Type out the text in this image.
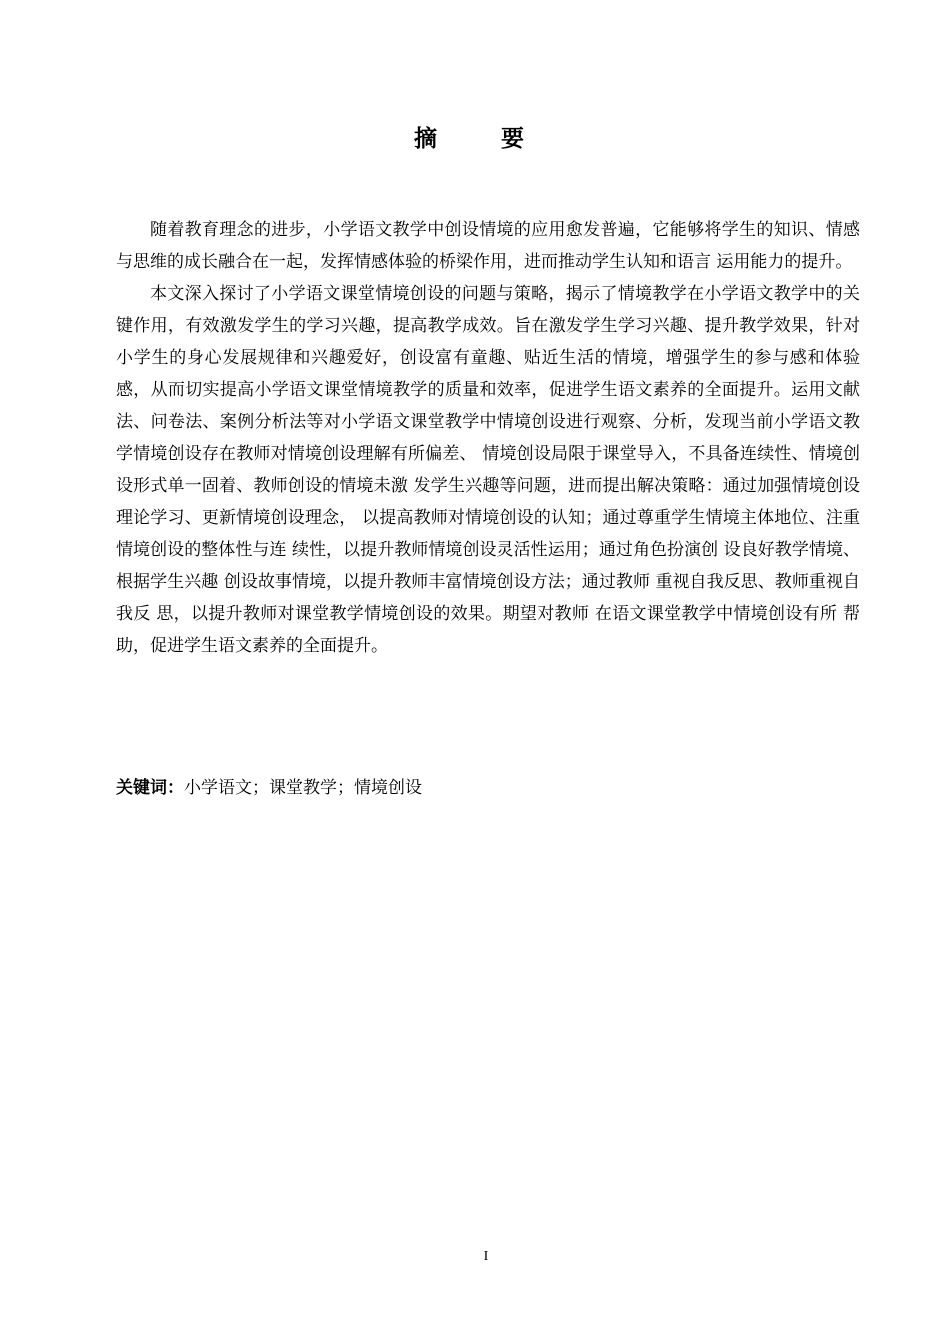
摘 要

随着教育理念的进步，小学语文教学中创设情境的应用愈发普遍，它能够将学生的知识、情感与思维的成长融合在一起，发挥情感体验的桥梁作用，进而推动学生认知和语言 运用能力的提升。

本文深入探讨了小学语文课堂情境创设的问题与策略，揭示了情境教学在小学语文教学中的关键作用，有效激发学生的学习兴趣，提高教学成效。旨在激发学生学习兴趣、提升教学效果，针对小学生的身心发展规律和兴趣爱好，创设富有童趣、贴近生活的情境，增强学生的参与感和体验感，从而切实提高小学语文课堂情境教学的质量和效率，促进学生语文素养的全面提升。运用文献法、问卷法、案例分析法等对小学语文课堂教学中情境创设进行观察、分析，发现当前小学语文教学情境创设存在教师对情境创设理解有所偏差、 情境创设局限于课堂导入，不具备连续性、情境创设形式单一固着、教师创设的情境未激 发学生兴趣等问题，进而提出解决策略：通过加强情境创设理论学习、更新情境创设理念， 以提高教师对情境创设的认知；通过尊重学生情境主体地位、注重情境创设的整体性与连 续性，以提升教师情境创设灵活性运用；通过角色扮演创 设良好教学情境、根据学生兴趣 创设故事情境，以提升教师丰富情境创设方法；通过教师 重视自我反思、教师重视自我反 思，以提升教师对课堂教学情境创设的效果。期望对教师 在语文课堂教学中情境创设有所 帮助，促进学生语文素养的全面提升。

关键词：小学语文；课堂教学；情境创设
I
